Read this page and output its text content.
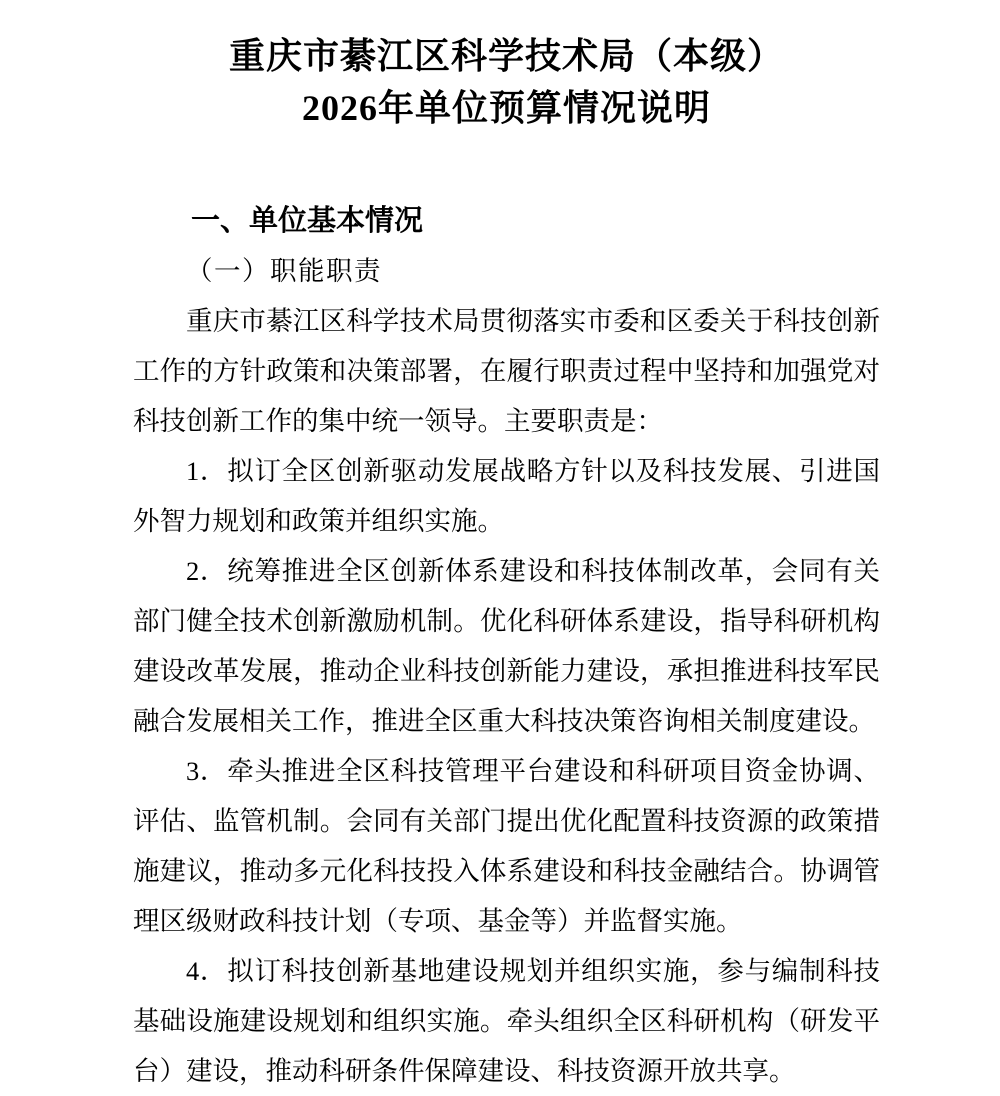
重庆市綦江区科学技术局（本级）
2026年单位预算情况说明
一、单位基本情况
（一）职能职责

重庆市綦江区科学技术局贯彻落实市委和区委关于科技创新工作的方针政策和决策部署，在履行职责过程中坚持和加强党对科技创新工作的集中统一领导。主要职责是：

1．拟订全区创新驱动发展战略方针以及科技发展、引进国外智力规划和政策并组织实施。

2．统筹推进全区创新体系建设和科技体制改革，会同有关部门健全技术创新激励机制。优化科研体系建设，指导科研机构建设改革发展，推动企业科技创新能力建设，承担推进科技军民融合发展相关工作，推进全区重大科技决策咨询相关制度建设。

3．牵头推进全区科技管理平台建设和科研项目资金协调、评估、监管机制。会同有关部门提出优化配置科技资源的政策措施建议，推动多元化科技投入体系建设和科技金融结合。协调管理区级财政科技计划（专项、基金等）并监督实施。

4．拟订科技创新基地建设规划并组织实施，参与编制科技基础设施建设规划和组织实施。牵头组织全区科研机构（研发平台）建设，推动科研条件保障建设、科技资源开放共享。
